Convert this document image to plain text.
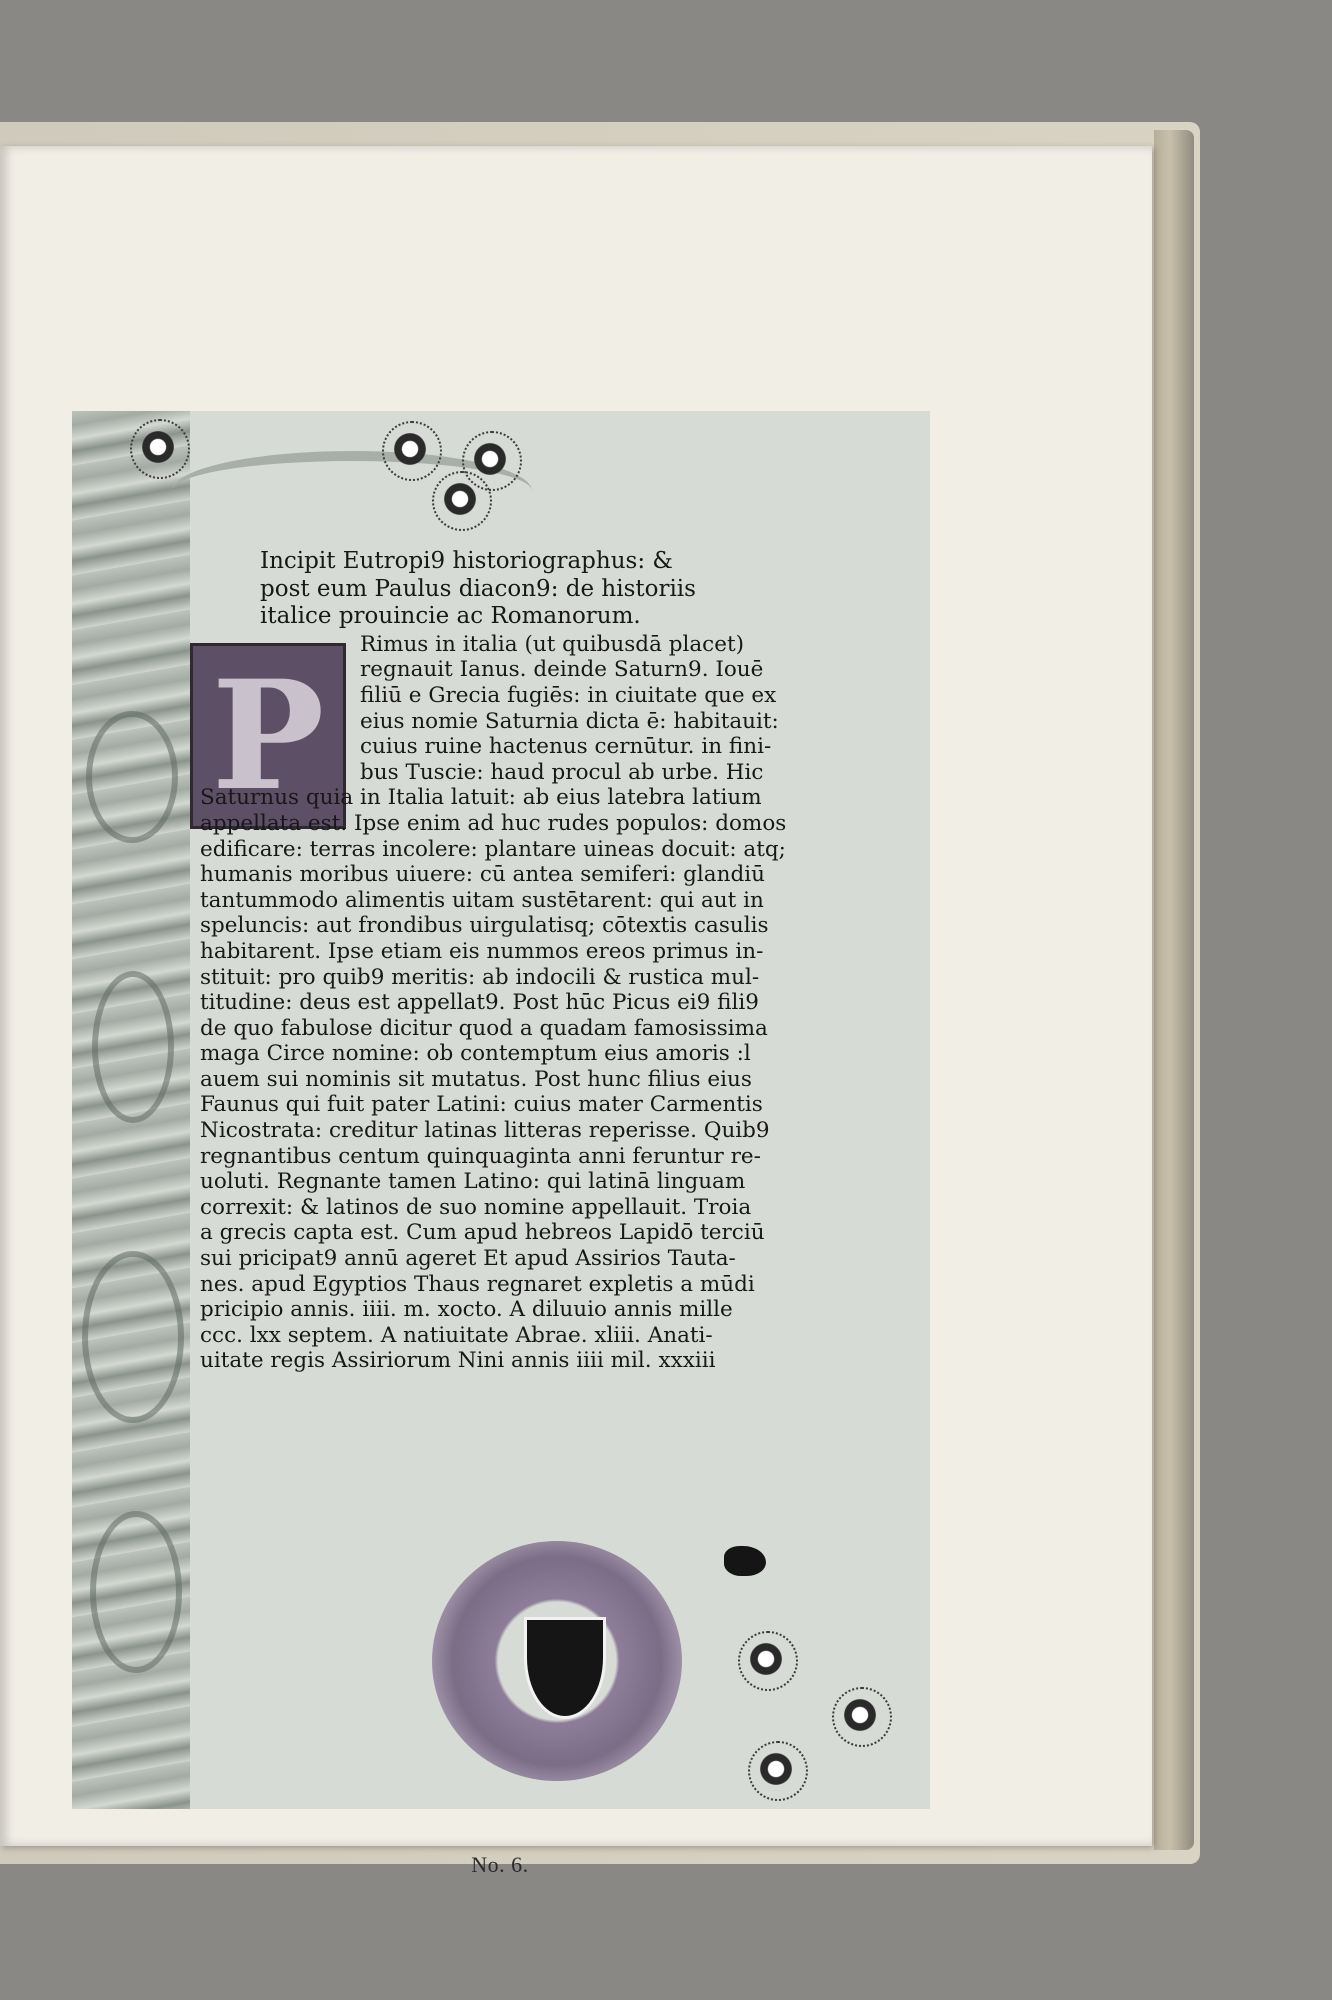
P
Incipit Eutropi9 historiographus: &
post eum Paulus diacon9: de historiis
italice prouincie ac Romanorum.
Rimus in italia (ut quibusdā placet)
regnauit Ianus. deinde Saturn9. Iouē
filiū e Grecia fugiēs: in ciuitate que ex
eius nomie Saturnia dicta ē: habitauit:
cuius ruine hactenus cernūtur. in fini-
bus Tuscie: haud procul ab urbe. Hic
Saturnus quia in Italia latuit: ab eius latebra latium
appellata est. Ipse enim ad huc rudes populos: domos
edificare: terras incolere: plantare uineas docuit: atq;
humanis moribus uiuere: cū antea semiferi: glandiū
tantummodo alimentis uitam sustētarent: qui aut in
speluncis: aut frondibus uirgulatisq; cōtextis casulis
habitarent. Ipse etiam eis nummos ereos primus in-
stituit: pro quib9 meritis: ab indocili & rustica mul-
titudine: deus est appellat9. Post hūc Picus ei9 fili9
de quo fabulose dicitur quod a quadam famosissima
maga Circe nomine: ob contemptum eius amoris :l
auem sui nominis sit mutatus. Post hunc filius eius
Faunus qui fuit pater Latini: cuius mater Carmentis
Nicostrata: creditur latinas litteras reperisse. Quib9
regnantibus centum quinquaginta anni feruntur re-
uoluti. Regnante tamen Latino: qui latinā linguam
correxit: & latinos de suo nomine appellauit. Troia
a grecis capta est. Cum apud hebreos Lapidō terciū
sui pricipat9 annū ageret Et apud Assirios Tauta-
nes. apud Egyptios Thaus regnaret expletis a mūdi
pricipio annis. iiii. m. xocto. A diluuio annis mille
ccc. lxx septem. A natiuitate Abrae. xliii. Anati-
uitate regis Assiriorum Nini annis iiii mil. xxxiii
No. 6.
